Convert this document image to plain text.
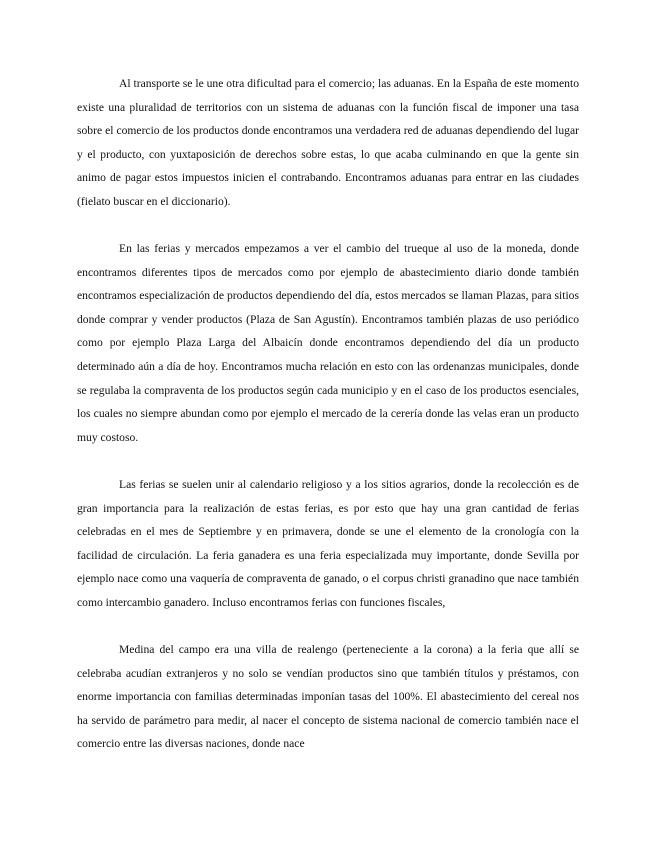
Al transporte se le une otra dificultad para el comercio; las aduanas. En la España de este momento existe una pluralidad de territorios con un sistema de aduanas con la función fiscal de imponer una tasa sobre el comercio de los productos donde encontramos una verdadera red de aduanas dependiendo del lugar y el producto, con yuxtaposición de derechos sobre estas, lo que acaba culminando en que la gente sin animo de pagar estos impuestos inicien el contrabando. Encontramos aduanas para entrar en las ciudades (fielato buscar en el diccionario).

En las ferias y mercados empezamos a ver el cambio del trueque al uso de la moneda, donde encontramos diferentes tipos de mercados como por ejemplo de abastecimiento diario donde también encontramos especialización de productos dependiendo del día, estos mercados se llaman Plazas, para sitios donde comprar y vender productos (Plaza de San Agustín). Encontramos también plazas de uso periódico como por ejemplo Plaza Larga del Albaicín donde encontramos dependiendo del día un producto determinado aún a día de hoy. Encontramos mucha relación en esto con las ordenanzas municipales, donde se regulaba la compraventa de los productos según cada municipio y en el caso de los productos esenciales, los cuales no siempre abundan como por ejemplo el mercado de la cerería donde las velas eran un producto muy costoso.

Las ferias se suelen unir al calendario religioso y a los sitios agrarios, donde la recolección es de gran importancia para la realización de estas ferias, es por esto que hay una gran cantidad de ferias celebradas en el mes de Septiembre y en primavera, donde se une el elemento de la cronología con la facilidad de circulación. La feria ganadera es una feria especializada muy importante, donde Sevilla por ejemplo nace como una vaquería de compraventa de ganado, o el corpus christi granadino que nace también como intercambio ganadero. Incluso encontramos ferias con funciones fiscales,

Medina del campo era una villa de realengo (perteneciente a la corona) a la feria que allí se celebraba acudían extranjeros y no solo se vendían productos sino que también títulos y préstamos, con enorme importancia con familias determinadas imponían tasas del 100%. El abastecimiento del cereal nos ha servido de parámetro para medir, al nacer el concepto de sistema nacional de comercio también nace el comercio entre las diversas naciones, donde nace
